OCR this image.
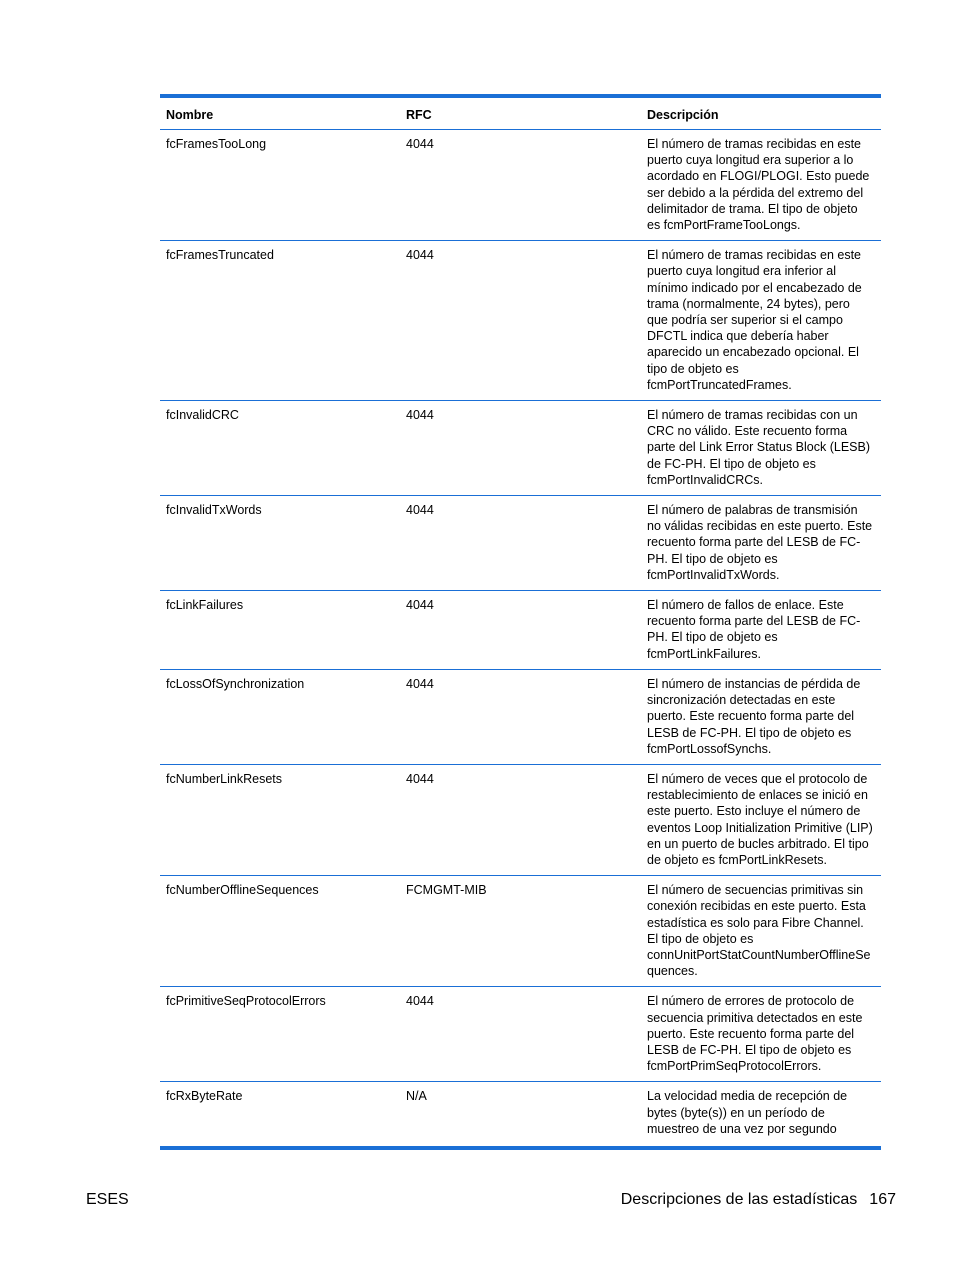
Nombre	RFC	Descripción
fcFramesTooLong	4044	El número de tramas recibidas en este puerto cuya longitud era superior a lo acordado en FLOGI/PLOGI. Esto puede ser debido a la pérdida del extremo del delimitador de trama. El tipo de objeto es fcmPortFrameTooLongs.
fcFramesTruncated	4044	El número de tramas recibidas en este puerto cuya longitud era inferior al mínimo indicado por el encabezado de trama (normalmente, 24 bytes), pero que podría ser superior si el campo DFCTL indica que debería haber aparecido un encabezado opcional. El tipo de objeto es fcmPortTruncatedFrames.
fcInvalidCRC	4044	El número de tramas recibidas con un CRC no válido. Este recuento forma parte del Link Error Status Block (LESB) de FC-PH. El tipo de objeto es fcmPortInvalidCRCs.
fcInvalidTxWords	4044	El número de palabras de transmisión no válidas recibidas en este puerto. Este recuento forma parte del LESB de FC-PH. El tipo de objeto es fcmPortInvalidTxWords.
fcLinkFailures	4044	El número de fallos de enlace. Este recuento forma parte del LESB de FC-PH. El tipo de objeto es fcmPortLinkFailures.
fcLossOfSynchronization	4044	El número de instancias de pérdida de sincronización detectadas en este puerto. Este recuento forma parte del LESB de FC-PH. El tipo de objeto es fcmPortLossofSynchs.
fcNumberLinkResets	4044	El número de veces que el protocolo de restablecimiento de enlaces se inició en este puerto. Esto incluye el número de eventos Loop Initialization Primitive (LIP) en un puerto de bucles arbitrado. El tipo de objeto es fcmPortLinkResets.
fcNumberOfflineSequences	FCMGMT-MIB	El número de secuencias primitivas sin conexión recibidas en este puerto. Esta estadística es solo para Fibre Channel. El tipo de objeto es connUnitPortStatCountNumberOfflineSequences.
fcPrimitiveSeqProtocolErrors	4044	El número de errores de protocolo de secuencia primitiva detectados en este puerto. Este recuento forma parte del LESB de FC-PH. El tipo de objeto es fcmPortPrimSeqProtocolErrors.
fcRxByteRate	N/A	La velocidad media de recepción de bytes (byte(s)) en un período de muestreo de una vez por segundo
ESES	Descripciones de las estadísticas 167
